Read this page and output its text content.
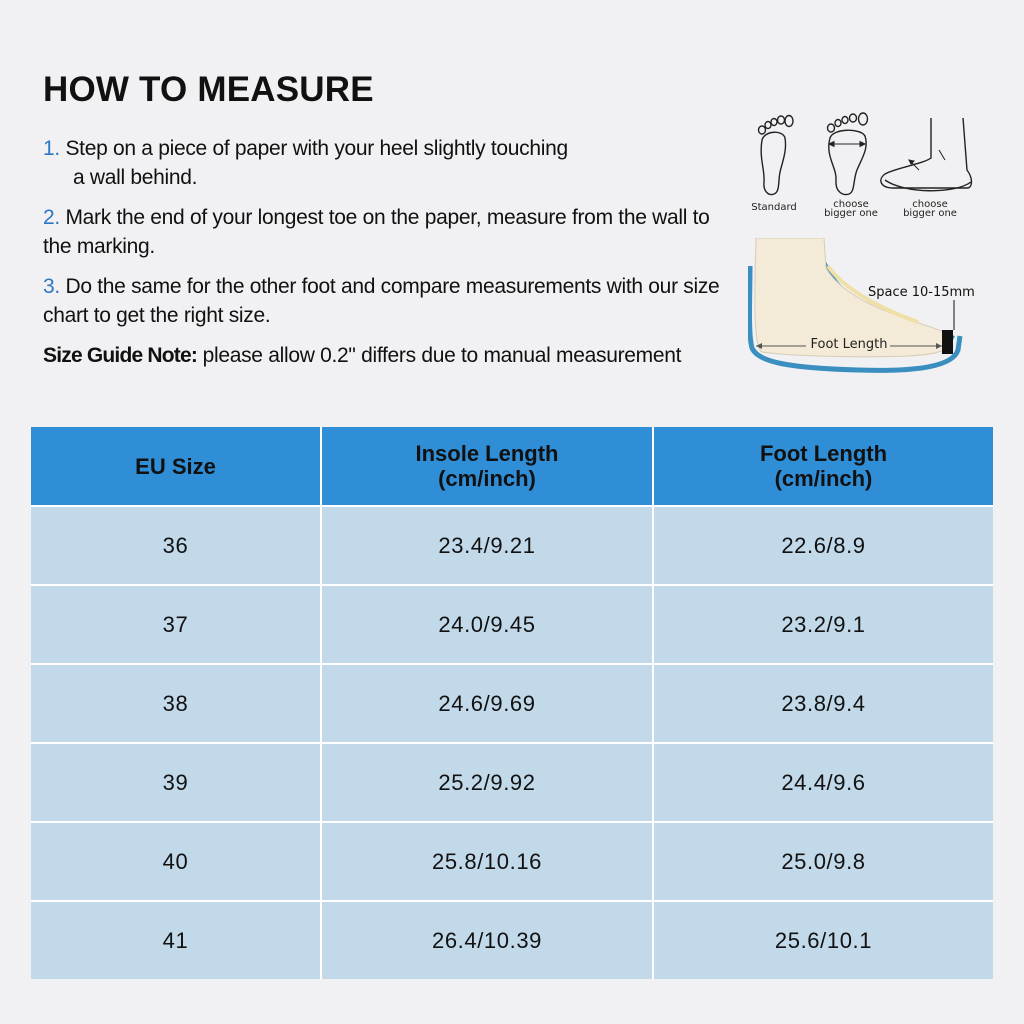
HOW TO MEASURE

1. Step on a piece of paper with your heel slightly touching
a wall behind.

2. Mark the end of your longest toe on the paper, measure from the wall to the marking.

3. Do the same for the other foot and compare measurements with our size chart to get the right size.

Size Guide Note: please allow 0.2" differs due to manual measurement

Standard	choose
bigger one
choose
bigger one
Foot Length
Space 10-15mm
EU Size	Insole Length
(cm/inch)	Foot Length
(cm/inch)

36	23.4/9.21	22.6/8.9
37	24.0/9.45	23.2/9.1
38	24.6/9.69	23.8/9.4
39	25.2/9.92	24.4/9.6
40	25.8/10.16	25.0/9.8
41	26.4/10.39	25.6/10.1
